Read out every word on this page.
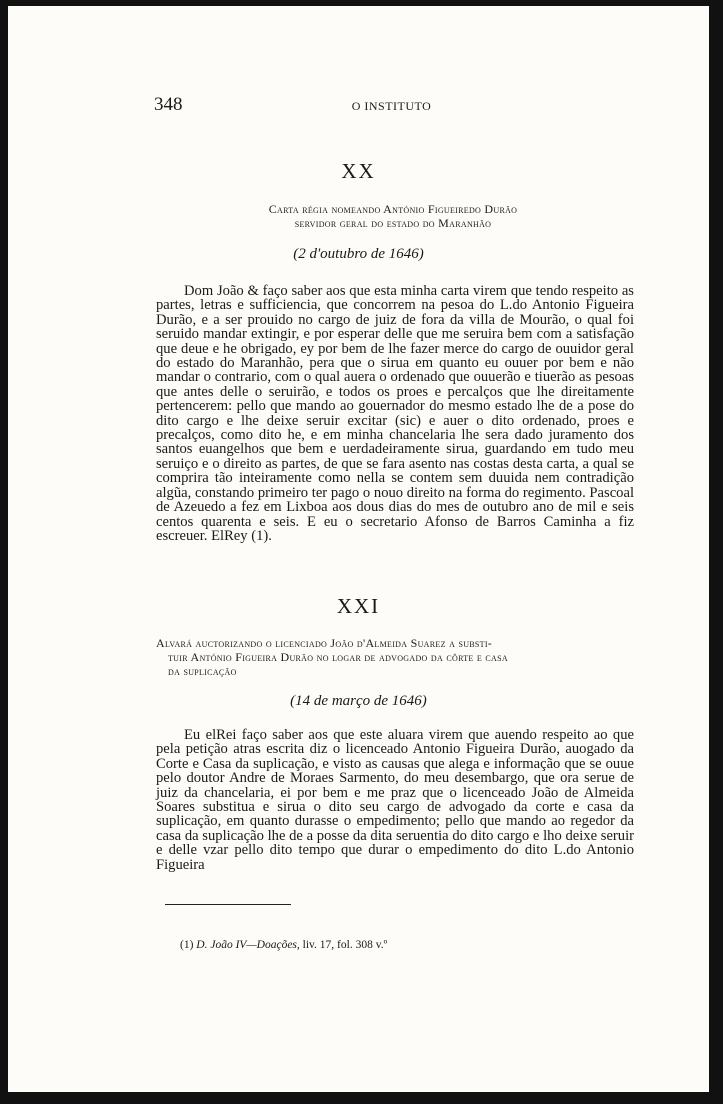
348	O INSTITUTO
XX
Carta régia nomeando António Figueiredo Durão
servidor geral do estado do Maranhão
(2 d'outubro de 1646)

Dom João & faço saber aos que esta minha carta virem que tendo respeito as partes, letras e sufficiencia, que concorrem na pesoa do L.do Antonio Figueira Durão, e a ser prouido no cargo de juiz de fora da villa de Mourão, o qual foi seruido mandar extingir, e por esperar delle que me seruira bem com a satisfação que deue e he obrigado, ey por bem de lhe fazer merce do cargo de ouuidor geral do estado do Maranhão, pera que o sirua em quanto eu ouuer por bem e não mandar o contrario, com o qual auera o ordenado que ouuerão e tiuerão as pesoas que antes delle o seruirão, e todos os proes e percalços que lhe direitamente pertencerem: pello que mando ao gouernador do mesmo estado lhe de a pose do dito cargo e lhe deixe seruir excitar (sic) e auer o dito ordenado, proes e precalços, como dito he, e em minha chancelaria lhe sera dado juramento dos santos euangelhos que bem e uerdadeiramente sirua, guardando em tudo meu seruiço e o direito as partes, de que se fara asento nas costas desta carta, a qual se comprira tão inteiramente como nella se contem sem duuida nem contradição algũa, constando primeiro ter pago o nouo direito na forma do regimento. Pascoal de Azeuedo a fez em Lixboa aos dous dias do mes de outubro ano de mil e seis centos quarenta e seis. E eu o secretario Afonso de Barros Caminha a fiz escreuer. ElRey (1).

XXI
Alvará auctorizando o licenciado João d'Almeida Suarez a substi-
tuir António Figueira Durão no logar de advogado da côrte e casa
da suplicação
(14 de março de 1646)

Eu elRei faço saber aos que este aluara virem que auendo respeito ao que pela petição atras escrita diz o licenceado Antonio Figueira Durão, auogado da Corte e Casa da suplicação, e visto as causas que alega e informação que se ouue pelo doutor Andre de Moraes Sarmento, do meu desembargo, que ora serue de juiz da chancelaria, ei por bem e me praz que o licenceado João de Almeida Soares substitua e sirua o dito seu cargo de advogado da corte e casa da suplicação, em quanto durasse o empedimento; pello que mando ao regedor da casa da suplicação lhe de a posse da dita seruentia do dito cargo e lho deixe seruir e delle vzar pello dito tempo que durar o empedimento do dito L.do Antonio Figueira

(1) D. João IV—Doações, liv. 17, fol. 308 v.º
